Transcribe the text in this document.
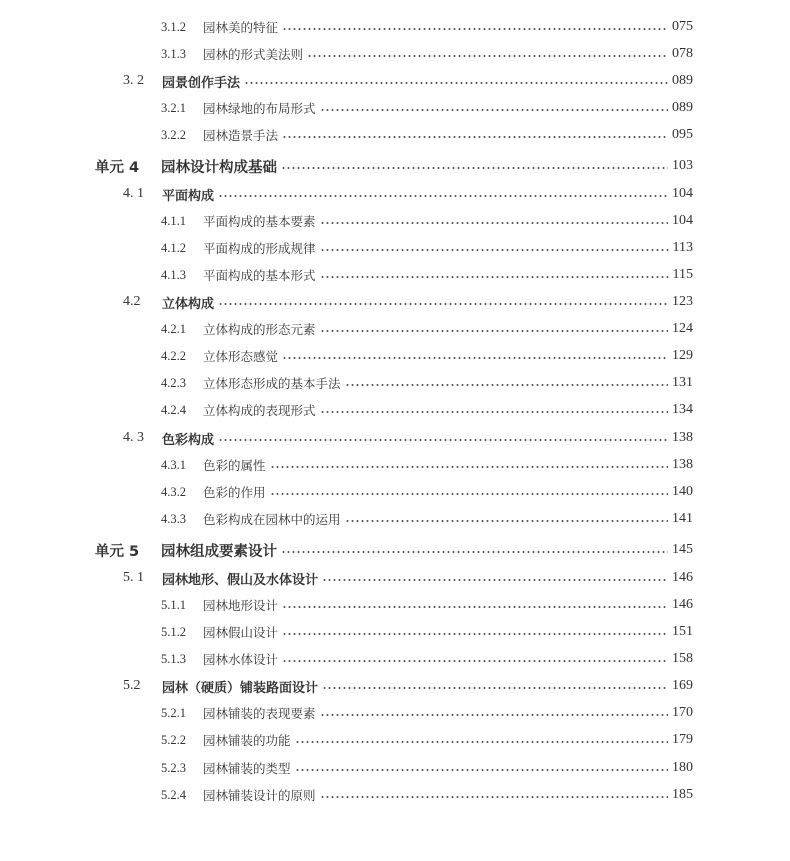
3.1.2	园林美的特征	075
3.1.3	园林的形式美法则	078
3. 2	园景创作手法	089
3.2.1	园林绿地的布局形式	089
3.2.2	园林造景手法	095
单元 4	园林设计构成基础	103
4. 1	平面构成	104
4.1.1	平面构成的基本要素	104
4.1.2	平面构成的形成规律	113
4.1.3	平面构成的基本形式	115
4.2	立体构成	123
4.2.1	立体构成的形态元素	124
4.2.2	立体形态感觉	129
4.2.3	立体形态形成的基本手法	131
4.2.4	立体构成的表现形式	134
4. 3	色彩构成	138
4.3.1	色彩的属性	138
4.3.2	色彩的作用	140
4.3.3	色彩构成在园林中的运用	141
单元 5	园林组成要素设计	145
5. 1	园林地形、假山及水体设计	146
5.1.1	园林地形设计	146
5.1.2	园林假山设计	151
5.1.3	园林水体设计	158
5.2	园林（硬质）铺装路面设计	169
5.2.1	园林铺装的表现要素	170
5.2.2	园林铺装的功能	179
5.2.3	园林铺装的类型	180
5.2.4	园林铺装设计的原则	185
